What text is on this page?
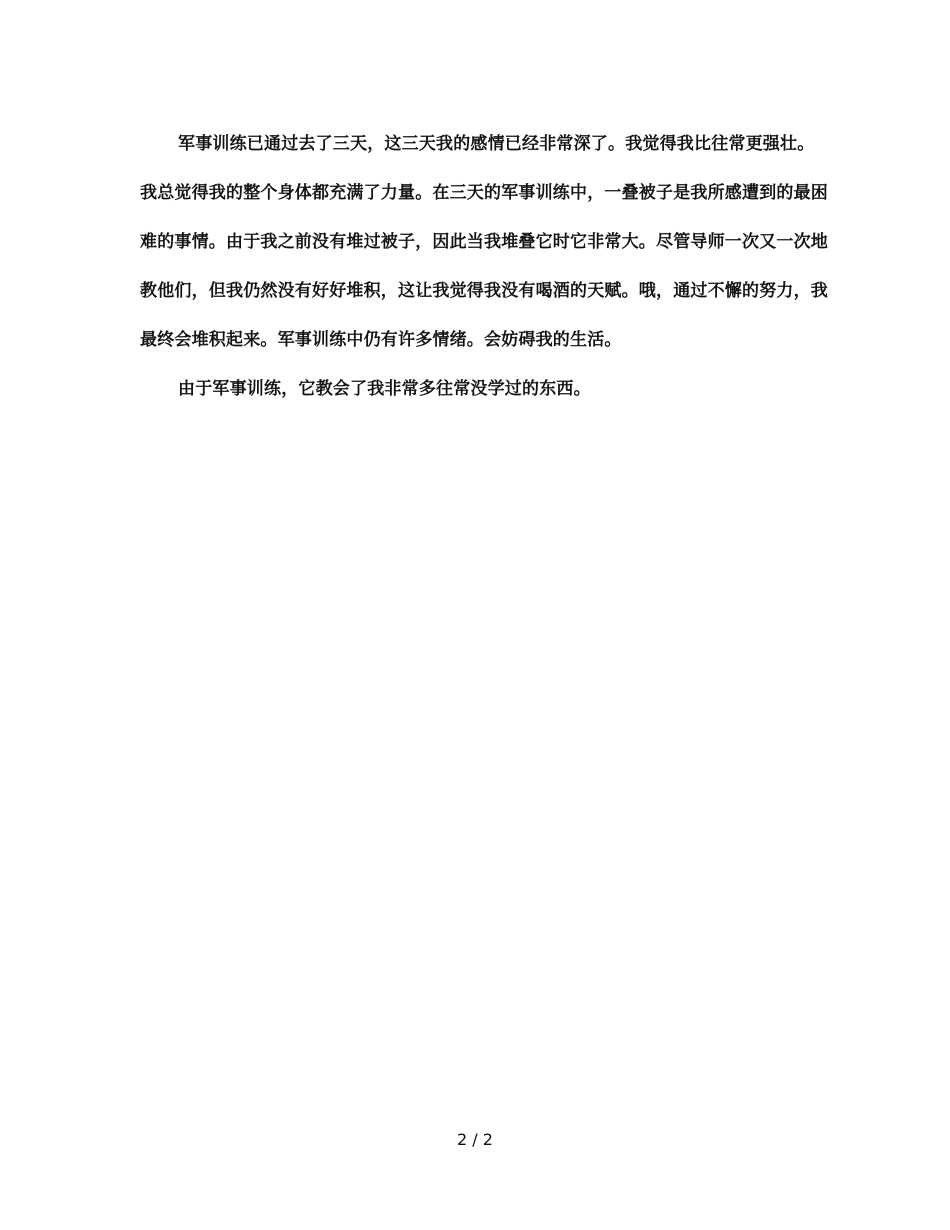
军事训练已通过去了三天，这三天我的感情已经非常深了。我觉得我比往常更强壮。我总觉得我的整个身体都充满了力量。在三天的军事训练中，一叠被子是我所感遭到的最困难的事情。由于我之前没有堆过被子，因此当我堆叠它时它非常大。尽管导师一次又一次地教他们，但我仍然没有好好堆积，这让我觉得我没有喝酒的天赋。哦，通过不懈的努力，我最终会堆积起来。军事训练中仍有许多情绪。会妨碍我的生活。

由于军事训练，它教会了我非常多往常没学过的东西。

2 / 2
